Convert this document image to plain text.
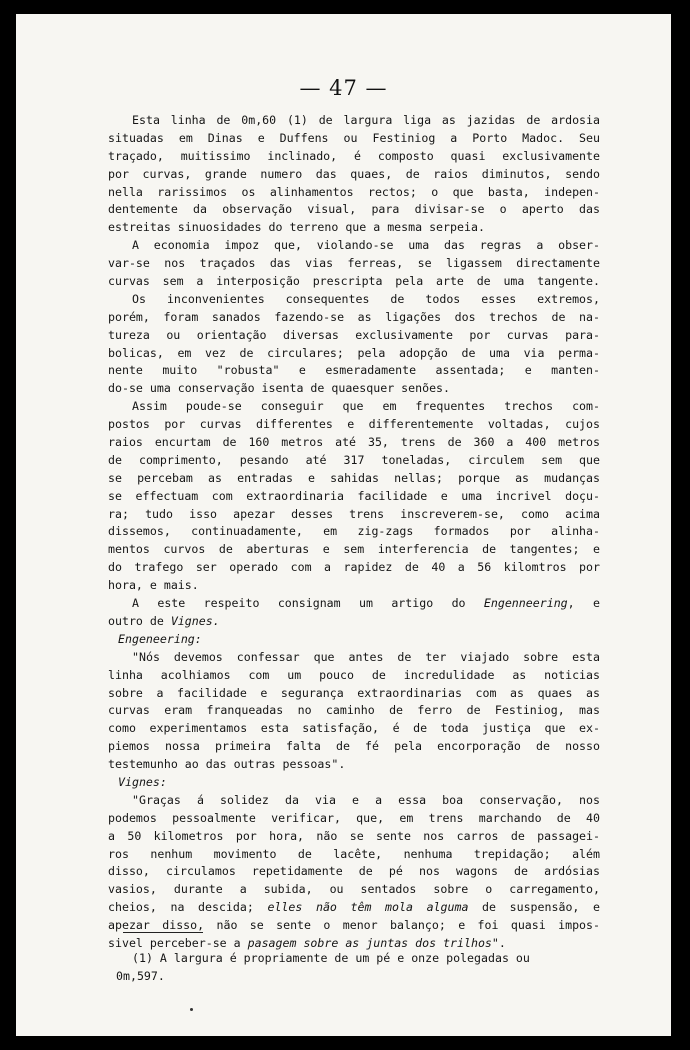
— 47 —
Esta linha de 0m,60 (1) de largura liga as jazidas de ardosia
situadas em Dinas e Duffens ou Festiniog a Porto Madoc. Seu
traçado, muitissimo inclinado, é composto quasi exclusivamente
por curvas, grande numero das quaes, de raios diminutos, sendo
nella rarissimos os alinhamentos rectos; o que basta, indepen-
dentemente da observação visual, para divisar-se o aperto das
estreitas sinuosidades do terreno que a mesma serpeia.
A economia impoz que, violando-se uma das regras a obser-
var-se nos traçados das vias ferreas, se ligassem directamente
curvas sem a interposição prescripta pela arte de uma tangente.
Os inconvenientes consequentes de todos esses extremos,
porém, foram sanados fazendo-se as ligações dos trechos de na-
tureza ou orientação diversas exclusivamente por curvas para-
bolicas, em vez de circulares; pela adopção de uma via perma-
nente muito "robusta" e esmeradamente assentada; e manten-
do-se uma conservação isenta de quaesquer senões.
Assim poude-se conseguir que em frequentes trechos com-
postos por curvas differentes e differentemente voltadas, cujos
raios encurtam de 160 metros até 35, trens de 360 a 400 metros
de comprimento, pesando até 317 toneladas, circulem sem que
se percebam as entradas e sahidas nellas; porque as mudanças
se effectuam com extraordinaria facilidade e uma incrivel doçu-
ra; tudo isso apezar desses trens inscreverem-se, como acima
dissemos, continuadamente, em zig-zags formados por alinha-
mentos curvos de aberturas e sem interferencia de tangentes; e
do trafego ser operado com a rapidez de 40 a 56 kilomtros por
hora, e mais.
A este respeito consignam um artigo do Engenneering, e
outro de Vignes.
Engeneering:
"Nós devemos confessar que antes de ter viajado sobre esta
linha acolhiamos com um pouco de incredulidade as noticias
sobre a facilidade e segurança extraordinarias com as quaes as
curvas eram franqueadas no caminho de ferro de Festiniog, mas
como experimentamos esta satisfação, é de toda justiça que ex-
piemos nossa primeira falta de fé pela encorporação de nosso
testemunho ao das outras pessoas".
Vignes:
"Graças á solidez da via e a essa boa conservação, nos
podemos pessoalmente verificar, que, em trens marchando de 40
a 50 kilometros por hora, não se sente nos carros de passagei-
ros nenhum movimento de lacête, nenhuma trepidação; além
disso, circulamos repetidamente de pé nos wagons de ardósias
vasios, durante a subida, ou sentados sobre o carregamento,
cheios, na descida; elles não têm mola alguma de suspensão, e
apezar disso, não se sente o menor balanço; e foi quasi impos-
sivel perceber-se a pasagem sobre as juntas dos trilhos".
(1) A largura é propriamente de um pé e onze polegadas ou
0m,597.
